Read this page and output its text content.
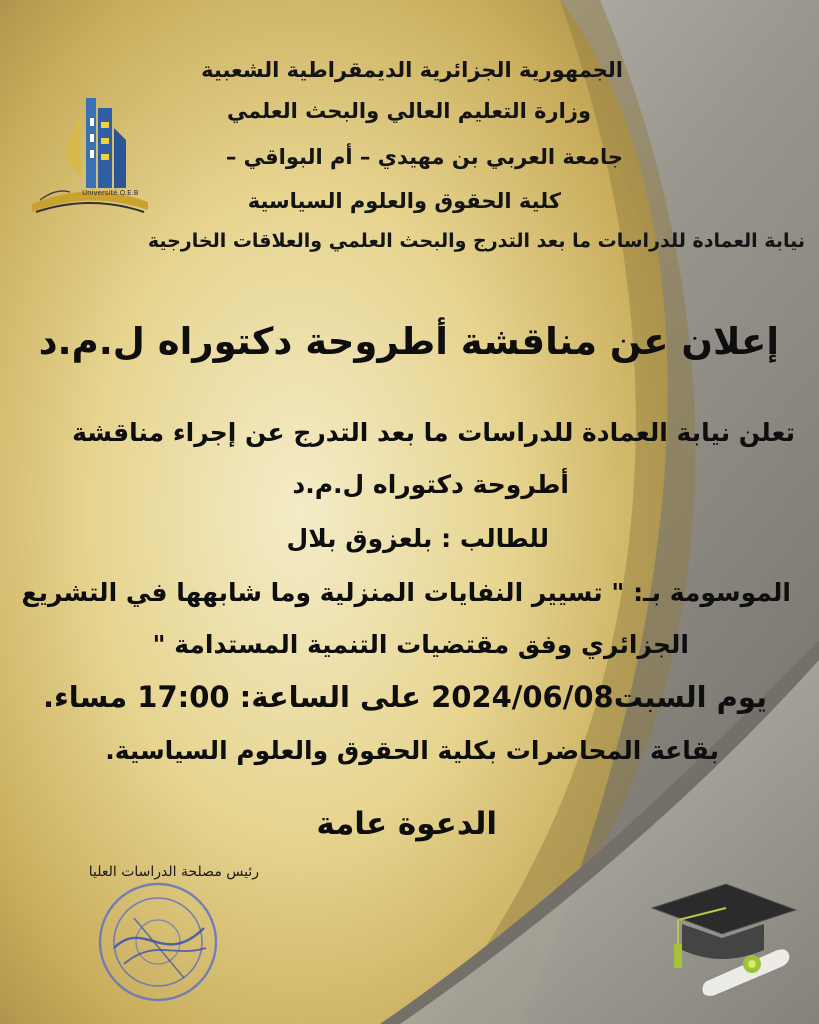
Université O.E.B
الجمهورية الجزائرية الديمقراطية الشعبية
وزارة التعليم العالي والبحث العلمي
جامعة العربي بن مهيدي – أم البواقي –
كلية الحقوق والعلوم السياسية
نيابة العمادة للدراسات ما بعد التدرج والبحث العلمي والعلاقات الخارجية
إعلان عن مناقشة أطروحة دكتوراه ل.م.د
تعلن نيابة العمادة للدراسات ما بعد التدرج عن إجراء مناقشة
أطروحة دكتوراه ل.م.د
للطالب : بلعزوق بلال
الموسومة بـ: " تسيير النفايات المنزلية وما شابهها في التشريع
الجزائري وفق مقتضيات التنمية المستدامة "
يوم السبت2024/06/08 على الساعة: 17:00 مساء.
بقاعة المحاضرات بكلية الحقوق والعلوم السياسية.
الدعوة عامة
رئيس مصلحة الدراسات العليا
